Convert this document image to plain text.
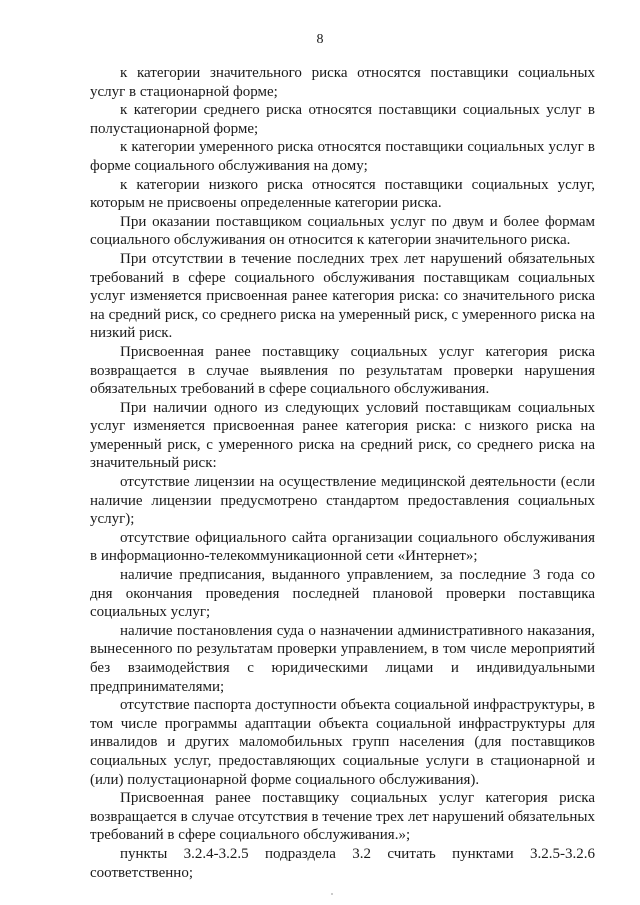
8

к категории значительного риска относятся поставщики социальных услуг в стационарной форме;

к категории среднего риска относятся поставщики социальных услуг в полустационарной форме;

к категории умеренного риска относятся поставщики социальных услуг в форме социального обслуживания на дому;

к категории низкого риска относятся поставщики социальных услуг, которым не присвоены определенные категории риска.

При оказании поставщиком социальных услуг по двум и более формам социального обслуживания он относится к категории значительного риска.

При отсутствии в течение последних трех лет нарушений обязательных требований в сфере социального обслуживания поставщикам социальных услуг изменяется присвоенная ранее категория риска: со значительного риска на средний риск, со среднего риска на умеренный риск, с умеренного риска на низкий риск.

Присвоенная ранее поставщику социальных услуг категория риска возвращается в случае выявления по результатам проверки нарушения обязательных требований в сфере социального обслуживания.

При наличии одного из следующих условий поставщикам социальных услуг изменяется присвоенная ранее категория риска: с низкого риска на умеренный риск, с умеренного риска на средний риск, со среднего риска на значительный риск:

отсутствие лицензии на осуществление медицинской деятельности (если наличие лицензии предусмотрено стандартом предоставления социальных услуг);

отсутствие официального сайта организации социального обслуживания в информационно-телекоммуникационной сети «Интернет»;

наличие предписания, выданного управлением, за последние 3 года со дня окончания проведения последней плановой проверки поставщика социальных услуг;

наличие постановления суда о назначении административного наказания, вынесенного по результатам проверки управлением, в том числе мероприятий без взаимодействия с юридическими лицами и индивидуальными предпринимателями;

отсутствие паспорта доступности объекта социальной инфраструктуры, в том числе программы адаптации объекта социальной инфраструктуры для инвалидов и других маломобильных групп населения (для поставщиков социальных услуг, предоставляющих социальные услуги в стационарной и (или) полустационарной форме социального обслуживания).

Присвоенная ранее поставщику социальных услуг категория риска возвращается в случае отсутствия в течение трех лет нарушений обязательных требований в сфере социального обслуживания.»;

пункты 3.2.4-3.2.5 подраздела 3.2 считать пунктами 3.2.5-3.2.6 соответственно;
